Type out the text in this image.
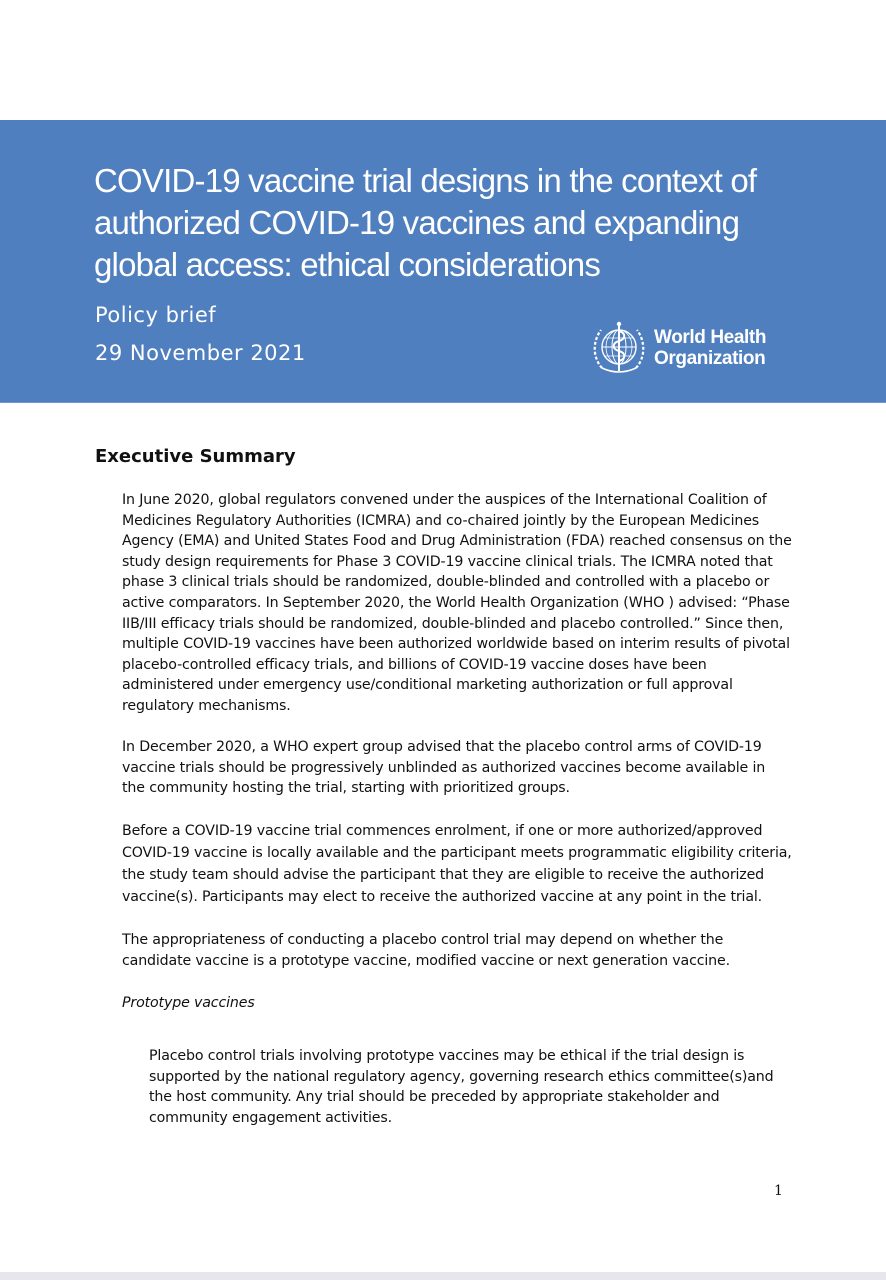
COVID-19 vaccine trial designs in the context of authorized COVID-19 vaccines and expanding global access: ethical considerations
Policy brief
29 November 2021
World Health
Organization
Executive Summary

In June 2020, global regulators convened under the auspices of the International Coalition of Medicines Regulatory Authorities (ICMRA) and co-chaired jointly by the European Medicines Agency (EMA) and United States Food and Drug Administration (FDA) reached consensus on the study design requirements for Phase 3 COVID-19 vaccine clinical trials. The ICMRA noted that phase 3 clinical trials should be randomized, double-blinded and controlled with a placebo or active comparators. In September 2020, the World Health Organization (WHO ) advised: “Phase IIB/III efficacy trials should be randomized, double-blinded and placebo controlled.” Since then, multiple COVID-19 vaccines have been authorized worldwide based on interim results of pivotal placebo-controlled efficacy trials, and billions of COVID-19 vaccine doses have been administered under emergency use/conditional marketing authorization or full approval regulatory mechanisms.

In December 2020, a WHO expert group advised that the placebo control arms of COVID-19 vaccine trials should be progressively unblinded as authorized vaccines become available in the community hosting the trial, starting with prioritized groups.

Before a COVID-19 vaccine trial commences enrolment, if one or more authorized/approved COVID-19 vaccine is locally available and the participant meets programmatic eligibility criteria, the study team should advise the participant that they are eligible to receive the authorized vaccine(s). Participants may elect to receive the authorized vaccine at any point in the trial.

The appropriateness of conducting a placebo control trial may depend on whether the candidate vaccine is a prototype vaccine, modified vaccine or next generation vaccine.

Prototype vaccines

Placebo control trials involving prototype vaccines may be ethical if the trial design is supported by the national regulatory agency, governing research ethics committee(s)and the host community. Any trial should be preceded by appropriate stakeholder and community engagement activities.

1
